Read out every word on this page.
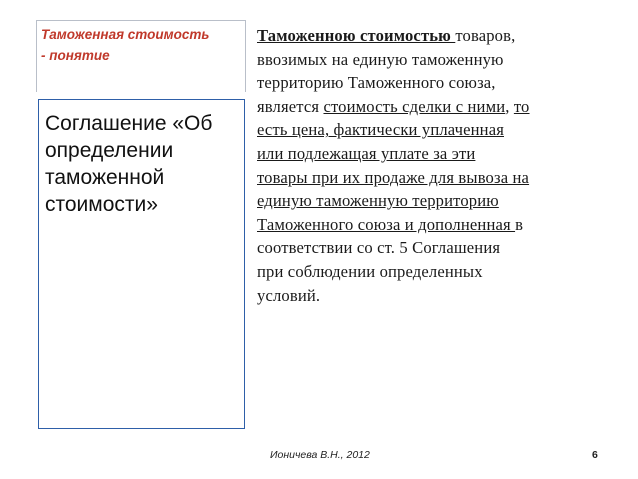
Таможенная стоимость
- понятие
Соглашение «Об определении таможенной стоимости»
Таможенною стоимостью товаров,
ввозимых на единую таможенную
территорию Таможенного союза,
является стоимость сделки с ними, то
есть цена, фактически уплаченная
или подлежащая уплате за эти
товары при их продаже для вывоза на
единую таможенную территорию
Таможенного союза и дополненная в
соответствии со ст. 5 Соглашения
при соблюдении определенных
условий.
Ионичева В.Н., 2012	6
